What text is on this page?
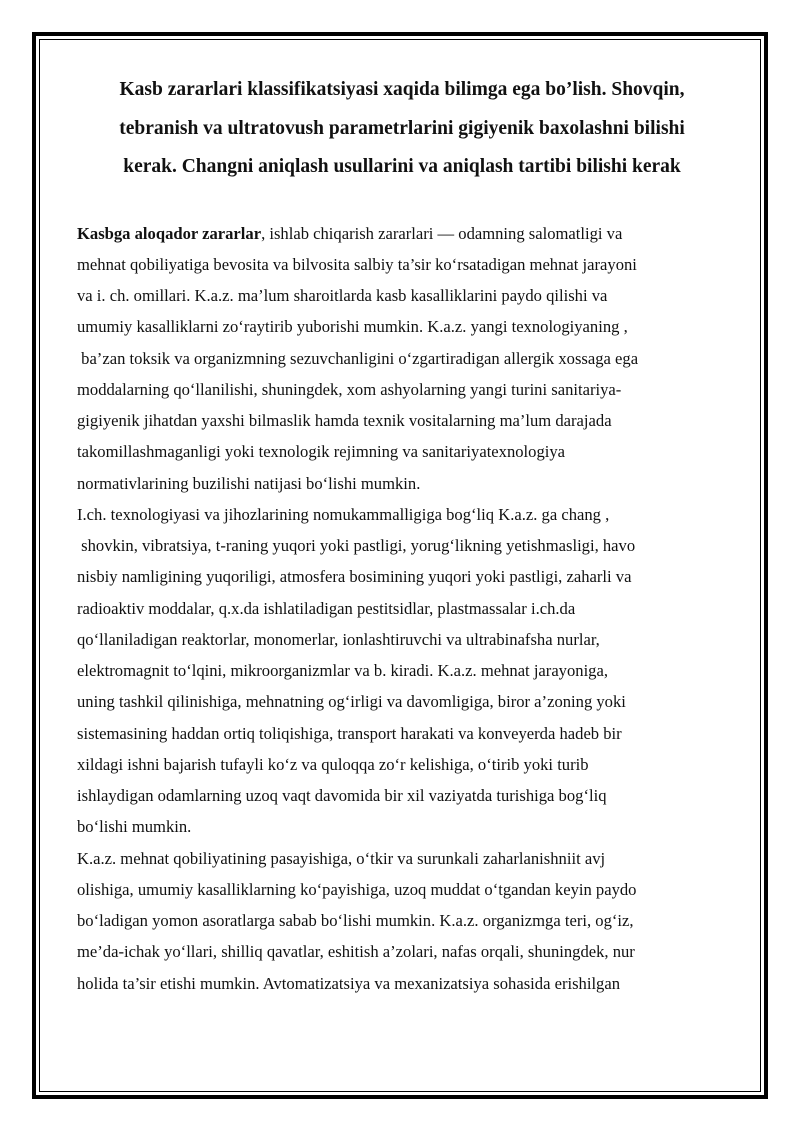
Kasb zararlari klassifikatsiyasi xaqida bilimga ega bo’lish. Shovqin,
tebranish va ultratovush parametrlarini gigiyenik baxolashni bilishi
kerak. Changni aniqlash usullarini va aniqlash tartibi bilishi kerak

Kasbga aloqador zararlar, ishlab chiqarish zararlari — odamning salomatligi va

mehnat qobiliyatiga bevosita va bilvosita salbiy ta’sir koʻrsatadigan mehnat jarayoni

va i. ch. omillari. K.a.z. ma’lum sharoitlarda kasb kasalliklarini paydo qilishi va

umumiy kasalliklarni zoʻraytirib yuborishi mumkin. K.a.z. yangi texnologiyaning ,

ba’zan toksik va organizmning sezuvchanligini oʻzgartiradigan allergik xossaga ega

moddalarning qoʻllanilishi, shuningdek, xom ashyolarning yangi turini sanitariya-

gigiyenik jihatdan yaxshi bilmaslik hamda texnik vositalarning ma’lum darajada

takomillashmaganligi yoki texnologik rejimning va sanitariyatexnologiya

normativlarining buzilishi natijasi boʻlishi mumkin.

I.ch. texnologiyasi va jihozlarining nomukammalligiga bogʻliq K.a.z. ga chang ,

shovkin, vibratsiya, t-raning yuqori yoki pastligi, yorugʻlikning yetishmasligi, havo

nisbiy namligining yuqoriligi, atmosfera bosimining yuqori yoki pastligi, zaharli va

radioaktiv moddalar, q.x.da ishlatiladigan pestitsidlar, plastmassalar i.ch.da

qoʻllaniladigan reaktorlar, monomerlar, ionlashtiruvchi va ultrabinafsha nurlar,

elektromagnit toʻlqini, mikroorganizmlar va b. kiradi. K.a.z. mehnat jarayoniga,

uning tashkil qilinishiga, mehnatning ogʻirligi va davomligiga, biror a’zoning yoki

sistemasining haddan ortiq toliqishiga, transport harakati va konveyerda hadeb bir

xildagi ishni bajarish tufayli koʻz va quloqqa zoʻr kelishiga, oʻtirib yoki turib

ishlaydigan odamlarning uzoq vaqt davomida bir xil vaziyatda turishiga bogʻliq

boʻlishi mumkin.

K.a.z. mehnat qobiliyatining pasayishiga, oʻtkir va surunkali zaharlanishniit avj

olishiga, umumiy kasalliklarning koʻpayishiga, uzoq muddat oʻtgandan keyin paydo

boʻladigan yomon asoratlarga sabab boʻlishi mumkin. K.a.z. organizmga teri, ogʻiz,

me’da-ichak yoʻllari, shilliq qavatlar, eshitish a’zolari, nafas orqali, shuningdek, nur

holida ta’sir etishi mumkin. Avtomatizatsiya va mexanizatsiya sohasida erishilgan
